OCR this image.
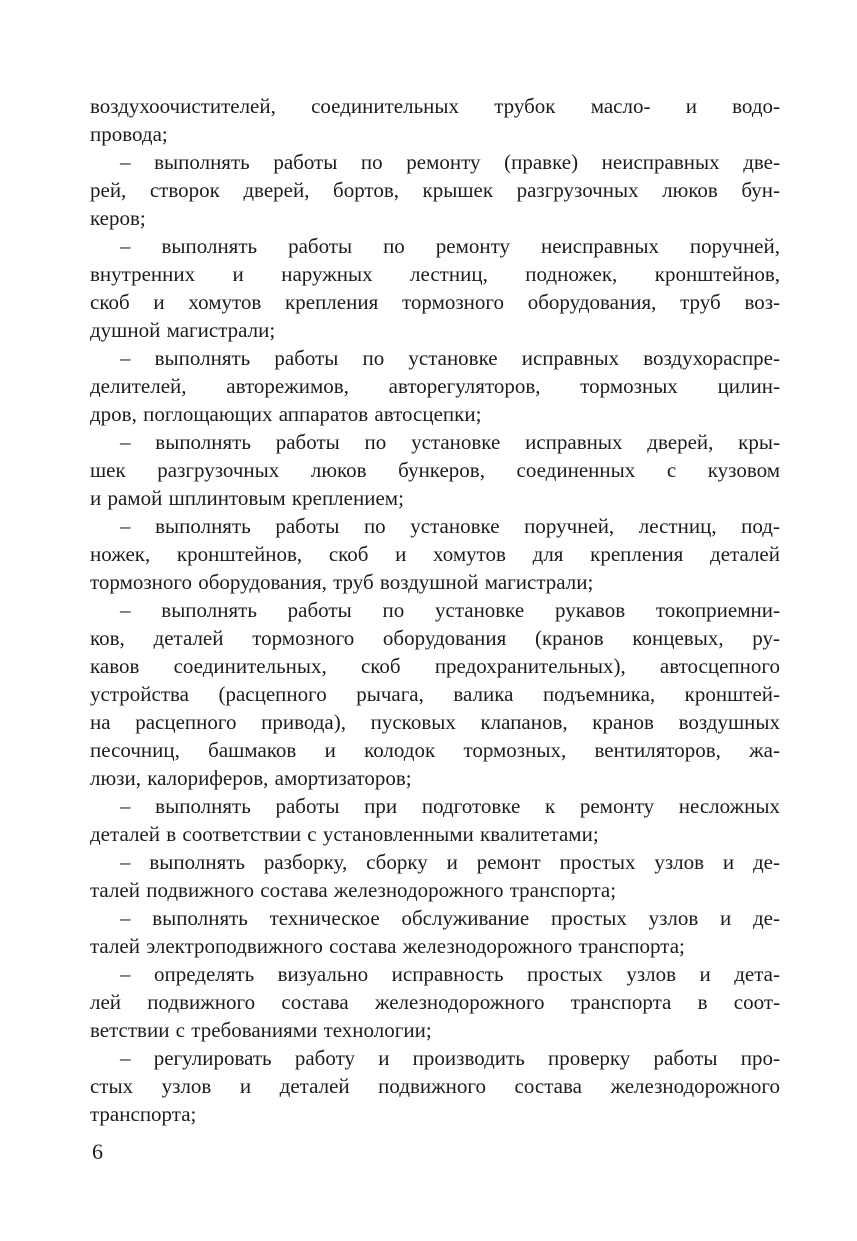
воздухоочистителей, соединительных трубок масло- и водо-
провода;
– выполнять работы по ремонту (правке) неисправных две-
рей, створок дверей, бортов, крышек разгрузочных люков бун-
керов;
– выполнять работы по ремонту неисправных поручней,
внутренних и наружных лестниц, подножек, кронштейнов,
скоб и хомутов крепления тормозного оборудования, труб воз-
душной магистрали;
– выполнять работы по установке исправных воздухораспре-
делителей, авторежимов, авторегуляторов, тормозных цилин-
дров, поглощающих аппаратов автосцепки;
– выполнять работы по установке исправных дверей, кры-
шек разгрузочных люков бункеров, соединенных с кузовом
и рамой шплинтовым креплением;
– выполнять работы по установке поручней, лестниц, под-
ножек, кронштейнов, скоб и хомутов для крепления деталей
тормозного оборудования, труб воздушной магистрали;
– выполнять работы по установке рукавов токоприемни-
ков, деталей тормозного оборудования (кранов концевых, ру-
кавов соединительных, скоб предохранительных), автосцепного
устройства (расцепного рычага, валика подъемника, кронштей-
на расцепного привода), пусковых клапанов, кранов воздушных
песочниц, башмаков и колодок тормозных, вентиляторов, жа-
люзи, калориферов, амортизаторов;
– выполнять работы при подготовке к ремонту несложных
деталей в соответствии с установленными квалитетами;
– выполнять разборку, сборку и ремонт простых узлов и де-
талей подвижного состава железнодорожного транспорта;
– выполнять техническое обслуживание простых узлов и де-
талей электроподвижного состава железнодорожного транспорта;
– определять визуально исправность простых узлов и дета-
лей подвижного состава железнодорожного транспорта в соот-
ветствии с требованиями технологии;
– регулировать работу и производить проверку работы про-
стых узлов и деталей подвижного состава железнодорожного
транспорта;
6
